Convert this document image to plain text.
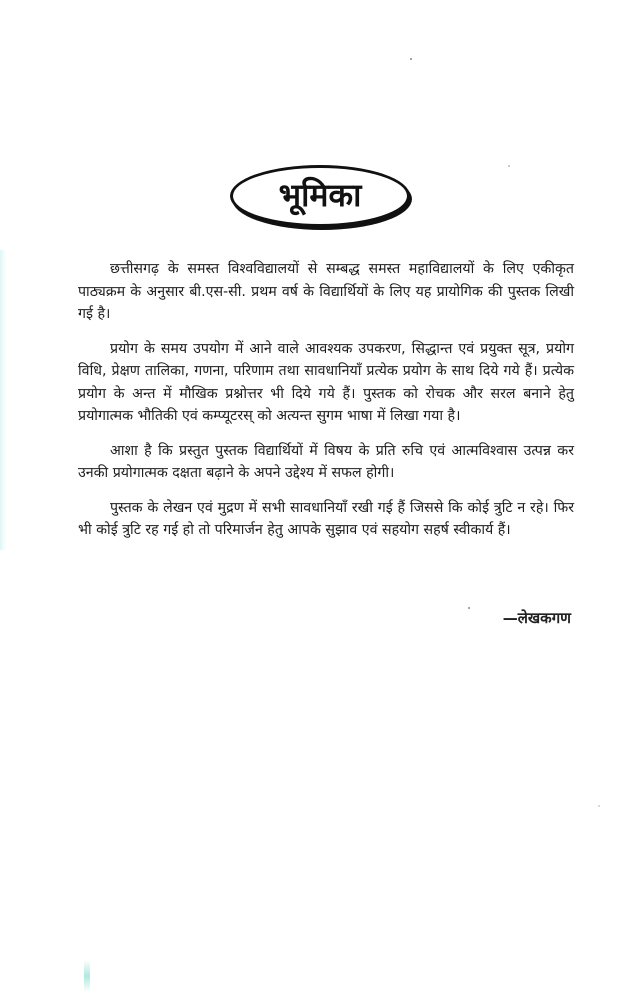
भूमिका

छत्तीसगढ़ के समस्त विश्वविद्यालयों से सम्बद्ध समस्त महाविद्यालयों के लिए एकीकृत पाठ्यक्रम के अनुसार बी.एस-सी. प्रथम वर्ष के विद्यार्थियों के लिए यह प्रायोगिक की पुस्तक लिखी गई है।

प्रयोग के समय उपयोग में आने वाले आवश्यक उपकरण, सिद्धान्त एवं प्रयुक्त सूत्र, प्रयोग विधि, प्रेक्षण तालिका, गणना, परिणाम तथा सावधानियाँ प्रत्येक प्रयोग के साथ दिये गये हैं। प्रत्येक प्रयोग के अन्त में मौखिक प्रश्नोत्तर भी दिये गये हैं। पुस्तक को रोचक और सरल बनाने हेतु प्रयोगात्मक भौतिकी एवं कम्प्यूटरस् को अत्यन्त सुगम भाषा में लिखा गया है।

आशा है कि प्रस्तुत पुस्तक विद्यार्थियों में विषय के प्रति रुचि एवं आत्मविश्वास उत्पन्न कर उनकी प्रयोगात्मक दक्षता बढ़ाने के अपने उद्देश्य में सफल होगी।

पुस्तक के लेखन एवं मुद्रण में सभी सावधानियाँ रखी गई हैं जिससे कि कोई त्रुटि न रहे। फिर भी कोई त्रुटि रह गई हो तो परिमार्जन हेतु आपके सुझाव एवं सहयोग सहर्ष स्वीकार्य हैं।

—लेखकगण
